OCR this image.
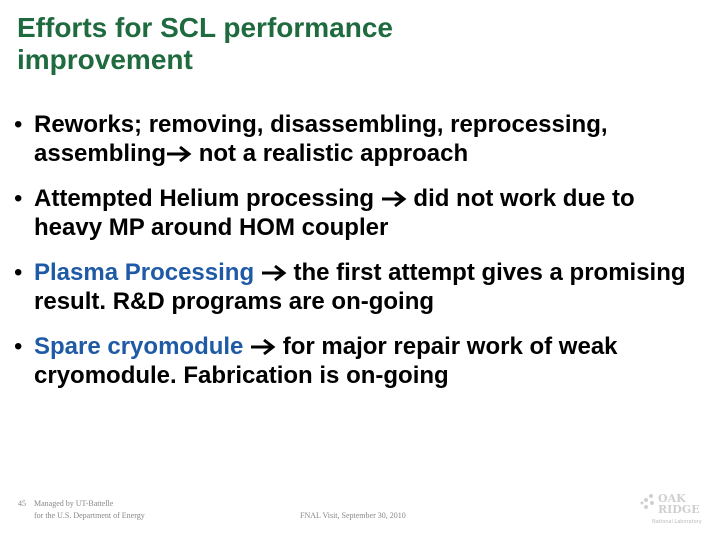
Efforts for SCL performance
improvement
• Reworks; removing, disassembling, reprocessing, assembling not a realistic approach
• Attempted Helium processing  did not work due to heavy MP around HOM coupler
• Plasma Processing  the first attempt gives a promising result. R&D programs are on-going
• Spare cryomodule  for major repair work of weak cryomodule. Fabrication is on-going
45 Managed by UT-Battelle
for the U.S. Department of Energy	FNAL Visit, September 30, 2010
OAK
RIDGE
National Laboratory
